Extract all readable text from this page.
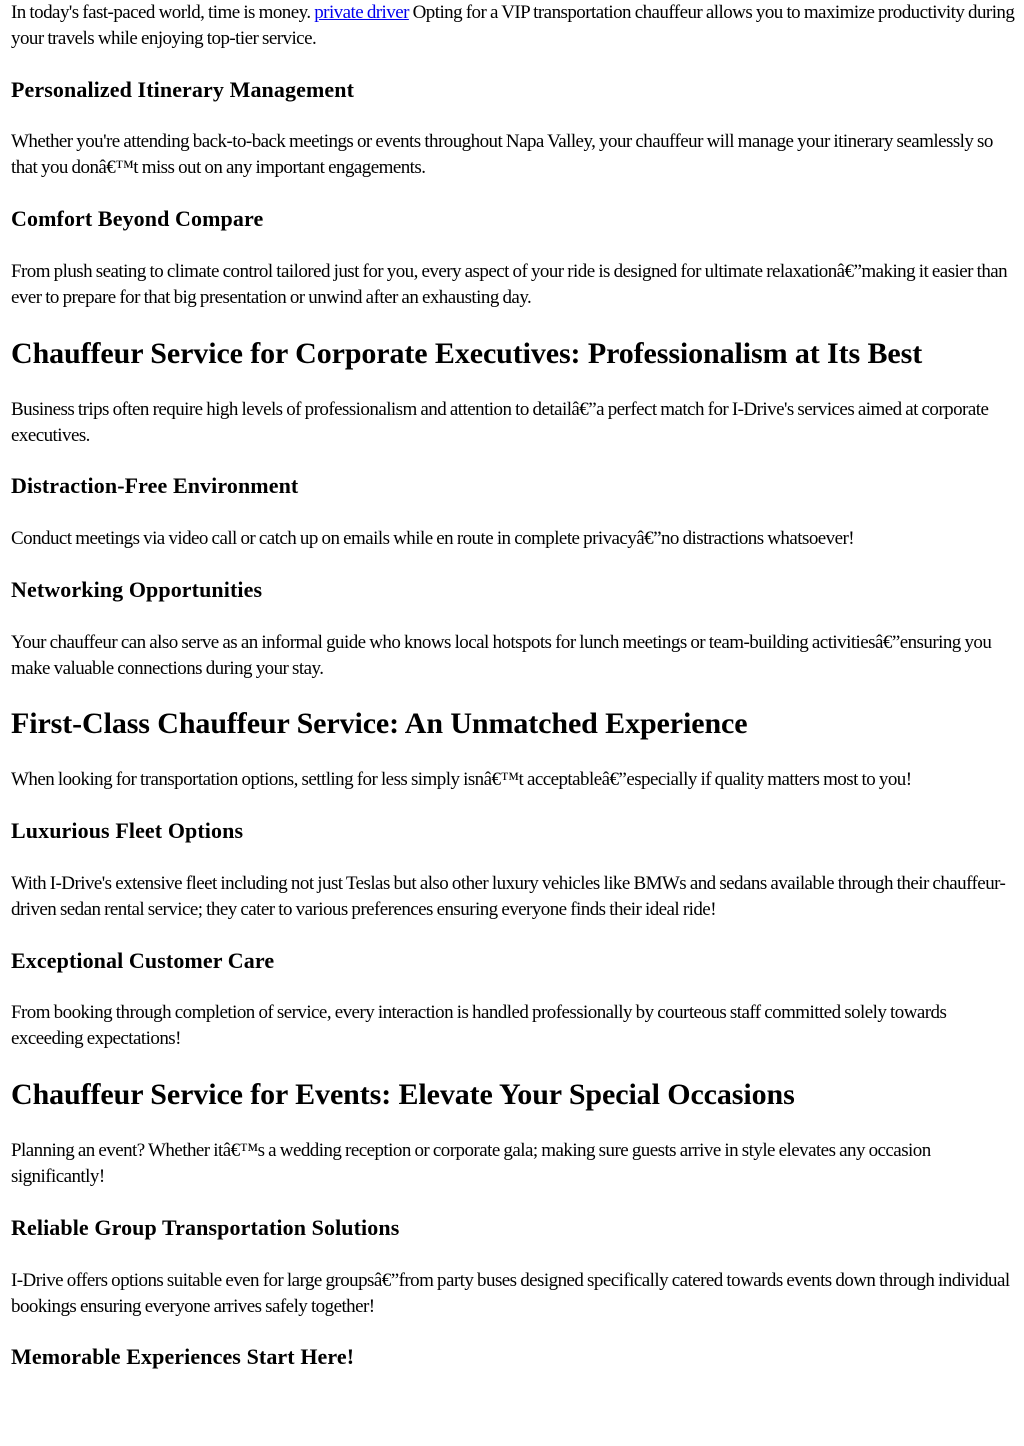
In today's fast-paced world, time is money. private driver Opting for a VIP transportation chauffeur allows you to maximize productivity during your travels while enjoying top-tier service.

Personalized Itinerary Management

Whether you're attending back-to-back meetings or events throughout Napa Valley, your chauffeur will manage your itinerary seamlessly so that you donâ€™t miss out on any important engagements.

Comfort Beyond Compare

From plush seating to climate control tailored just for you, every aspect of your ride is designed for ultimate relaxationâ€”making it easier than ever to prepare for that big presentation or unwind after an exhausting day.

Chauffeur Service for Corporate Executives: Professionalism at Its Best

Business trips often require high levels of professionalism and attention to detailâ€”a perfect match for I-Drive's services aimed at corporate executives.

Distraction-Free Environment

Conduct meetings via video call or catch up on emails while en route in complete privacyâ€”no distractions whatsoever!

Networking Opportunities

Your chauffeur can also serve as an informal guide who knows local hotspots for lunch meetings or team-building activitiesâ€”ensuring you make valuable connections during your stay.

First-Class Chauffeur Service: An Unmatched Experience

When looking for transportation options, settling for less simply isnâ€™t acceptableâ€”especially if quality matters most to you!

Luxurious Fleet Options

With I-Drive's extensive fleet including not just Teslas but also other luxury vehicles like BMWs and sedans available through their chauffeur-driven sedan rental service; they cater to various preferences ensuring everyone finds their ideal ride!

Exceptional Customer Care

From booking through completion of service, every interaction is handled professionally by courteous staff committed solely towards exceeding expectations!

Chauffeur Service for Events: Elevate Your Special Occasions

Planning an event? Whether itâ€™s a wedding reception or corporate gala; making sure guests arrive in style elevates any occasion significantly!

Reliable Group Transportation Solutions

I-Drive offers options suitable even for large groupsâ€”from party buses designed specifically catered towards events down through individual bookings ensuring everyone arrives safely together!

Memorable Experiences Start Here!
